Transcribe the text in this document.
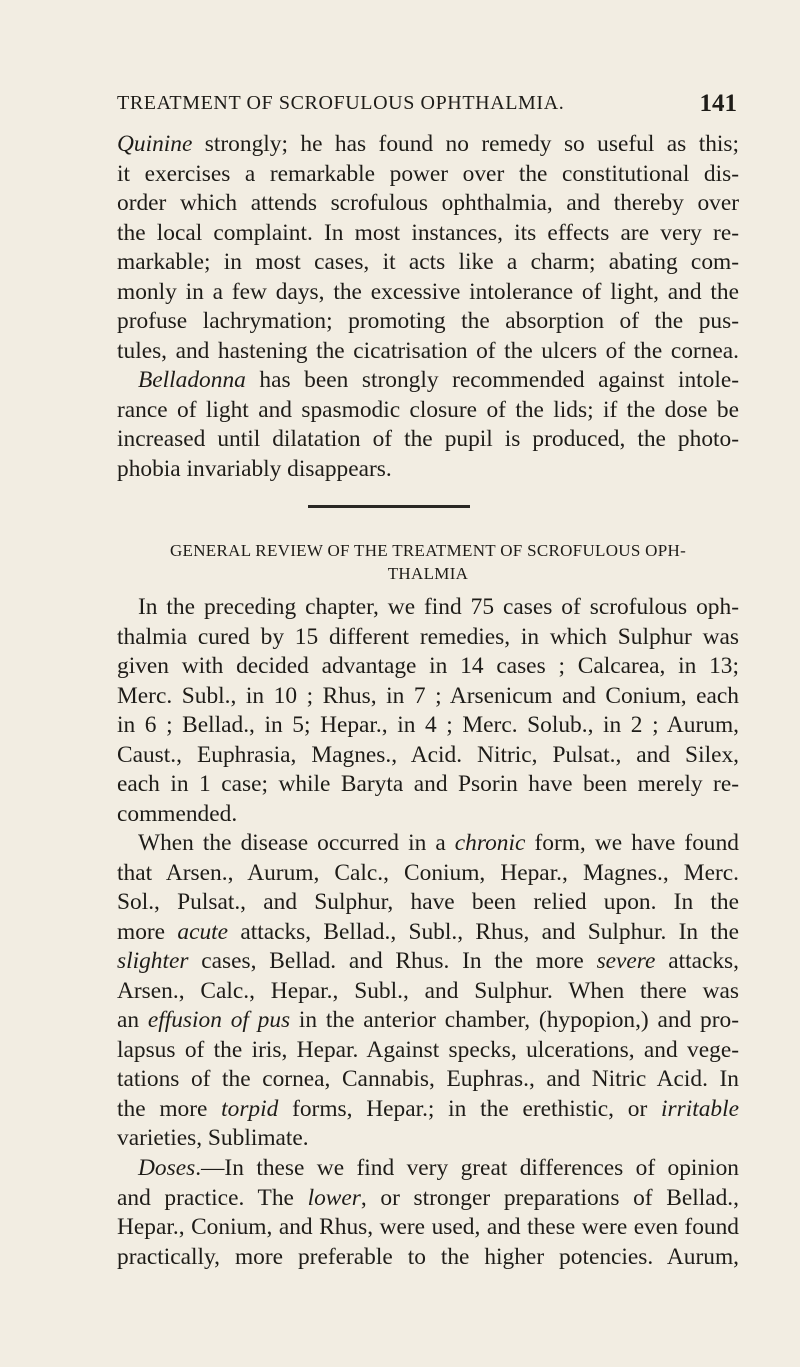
TREATMENT OF SCROFULOUS OPHTHALMIA.	141
Quinine strongly; he has found no remedy so useful as this;
it exercises a remarkable power over the constitutional dis-
order which attends scrofulous ophthalmia, and thereby over
the local complaint. In most instances, its effects are very re-
markable; in most cases, it acts like a charm; abating com-
monly in a few days, the excessive intolerance of light, and the
profuse lachrymation; promoting the absorption of the pus-
tules, and hastening the cicatrisation of the ulcers of the cornea.
Belladonna has been strongly recommended against intole-
rance of light and spasmodic closure of the lids; if the dose be
increased until dilatation of the pupil is produced, the photo-
phobia invariably disappears.
GENERAL REVIEW OF THE TREATMENT OF SCROFULOUS OPH-
THALMIA
In the preceding chapter, we find 75 cases of scrofulous oph-
thalmia cured by 15 different remedies, in which Sulphur was
given with decided advantage in 14 cases ; Calcarea, in 13;
Merc. Subl., in 10 ; Rhus, in 7 ; Arsenicum and Conium, each
in 6 ; Bellad., in 5; Hepar., in 4 ; Merc. Solub., in 2 ; Aurum,
Caust., Euphrasia, Magnes., Acid. Nitric, Pulsat., and Silex,
each in 1 case; while Baryta and Psorin have been merely re-
commended.
When the disease occurred in a chronic form, we have found
that Arsen., Aurum, Calc., Conium, Hepar., Magnes., Merc.
Sol., Pulsat., and Sulphur, have been relied upon. In the
more acute attacks, Bellad., Subl., Rhus, and Sulphur. In the
slighter cases, Bellad. and Rhus. In the more severe attacks,
Arsen., Calc., Hepar., Subl., and Sulphur. When there was
an effusion of pus in the anterior chamber, (hypopion,) and pro-
lapsus of the iris, Hepar. Against specks, ulcerations, and vege-
tations of the cornea, Cannabis, Euphras., and Nitric Acid. In
the more torpid forms, Hepar.; in the erethistic, or irritable
varieties, Sublimate.
Doses.—In these we find very great differences of opinion
and practice. The lower, or stronger preparations of Bellad.,
Hepar., Conium, and Rhus, were used, and these were even found
practically, more preferable to the higher potencies. Aurum,
